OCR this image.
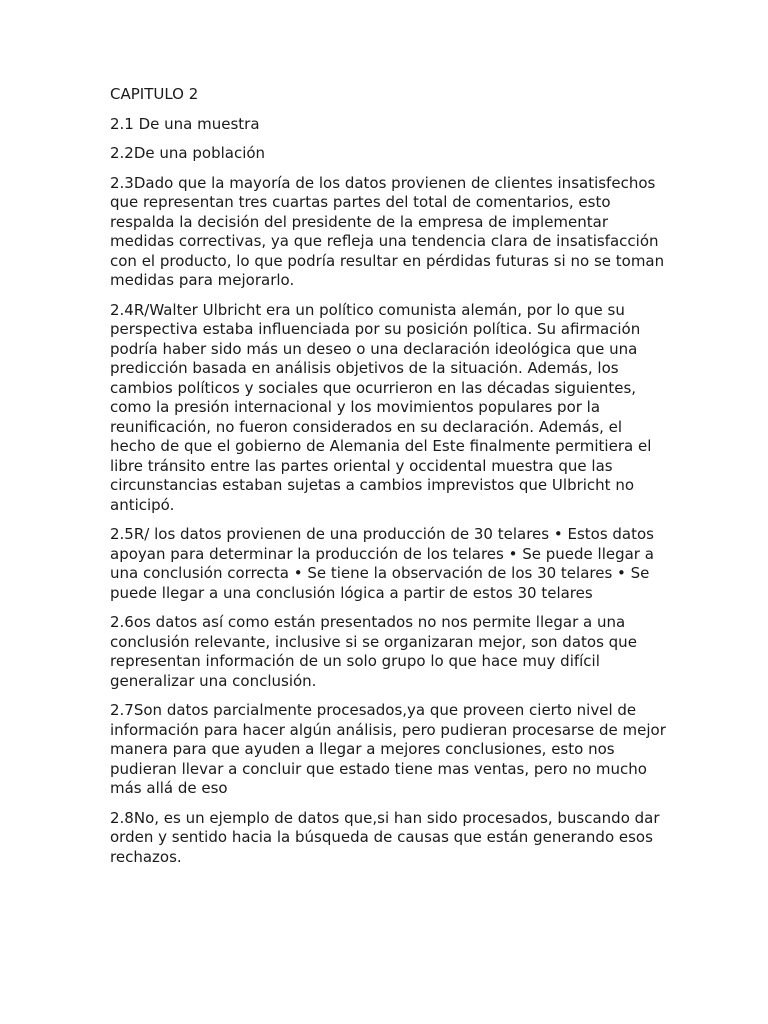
CAPITULO 2

2.1 De una muestra

2.2De una población

2.3Dado que la mayoría de los datos provienen de clientes insatisfechos que representan tres cuartas partes del total de comentarios, esto respalda la decisión del presidente de la empresa de implementar medidas correctivas, ya que refleja una tendencia clara de insatisfacción con el producto, lo que podría resultar en pérdidas futuras si no se toman medidas para mejorarlo.

2.4R/Walter Ulbricht era un político comunista alemán, por lo que su perspectiva estaba influenciada por su posición política. Su afirmación podría haber sido más un deseo o una declaración ideológica que una predicción basada en análisis objetivos de la situación. Además, los cambios políticos y sociales que ocurrieron en las décadas siguientes, como la presión internacional y los movimientos populares por la reunificación, no fueron considerados en su declaración. Además, el hecho de que el gobierno de Alemania del Este finalmente permitiera el libre tránsito entre las partes oriental y occidental muestra que las circunstancias estaban sujetas a cambios imprevistos que Ulbricht no anticipó.

2.5R/ los datos provienen de una producción de 30 telares • Estos datos apoyan para determinar la producción de los telares • Se puede llegar a una conclusión correcta • Se tiene la observación de los 30 telares • Se puede llegar a una conclusión lógica a partir de estos 30 telares

2.6os datos así como están presentados no nos permite llegar a una conclusión relevante, inclusive si se organizaran mejor, son datos que representan información de un solo grupo lo que hace muy difícil generalizar una conclusión.

2.7Son datos parcialmente procesados,ya que proveen cierto nivel de información para hacer algún análisis, pero pudieran procesarse de mejor manera para que ayuden a llegar a mejores conclusiones, esto nos pudieran llevar a concluir que estado tiene mas ventas, pero no mucho más allá de eso

2.8No, es un ejemplo de datos que,si han sido procesados, buscando dar orden y sentido hacia la búsqueda de causas que están generando esos rechazos.
